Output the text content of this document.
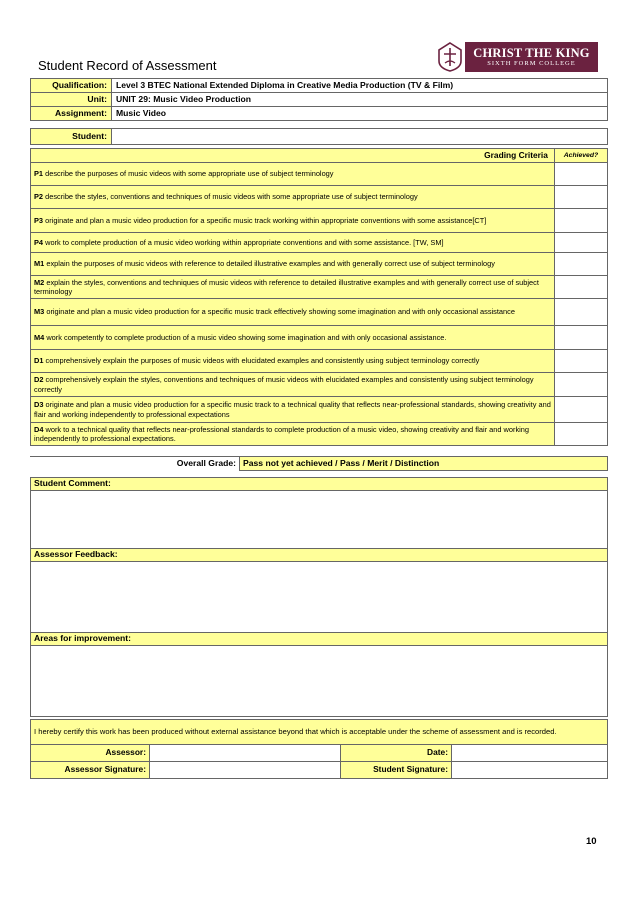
Student Record of Assessment
CHRIST THE KING
SIXTH FORM COLLEGE
Qualification:	Level 3 BTEC National Extended Diploma in Creative Media Production (TV & Film)
Unit:	UNIT 29: Music Video Production
Assignment:	Music Video
Student:	
Grading Criteria	Achieved?
P1 describe the purposes of music videos with some appropriate use of subject terminology	
P2 describe the styles, conventions and techniques of music videos with some appropriate use of subject terminology	
P3 originate and plan a music video production for a specific music track working within appropriate conventions with some assistance[CT]	
P4 work to complete production of a music video working within appropriate conventions and with some assistance. [TW, SM]	
M1 explain the purposes of music videos with reference to detailed illustrative examples and with generally correct use of subject terminology	
M2 explain the styles, conventions and techniques of music videos with reference to detailed illustrative examples and with generally correct use of subject terminology	
M3 originate and plan a music video production for a specific music track effectively showing some imagination and with only occasional assistance	
M4 work competently to complete production of a music video showing some imagination and with only occasional assistance.	
D1 comprehensively explain the purposes of music videos with elucidated examples and consistently using subject terminology correctly	
D2 comprehensively explain the styles, conventions and techniques of music videos with elucidated examples and consistently using subject terminology correctly	
D3 originate and plan a music video production for a specific music track to a technical quality that reflects near-professional standards, showing creativity and flair and working independently to professional expectations	
D4 work to a technical quality that reflects near-professional standards to complete production of a music video, showing creativity and flair and working independently to professional expectations.	
Overall Grade:	Pass not yet achieved / Pass / Merit / Distinction
Student Comment:

Assessor Feedback:

Areas for improvement:

I hereby certify this work has been produced without external assistance beyond that which is acceptable under the scheme of assessment and is recorded.			
Assessor:		Date:	
Assessor Signature:		Student Signature:	
10
